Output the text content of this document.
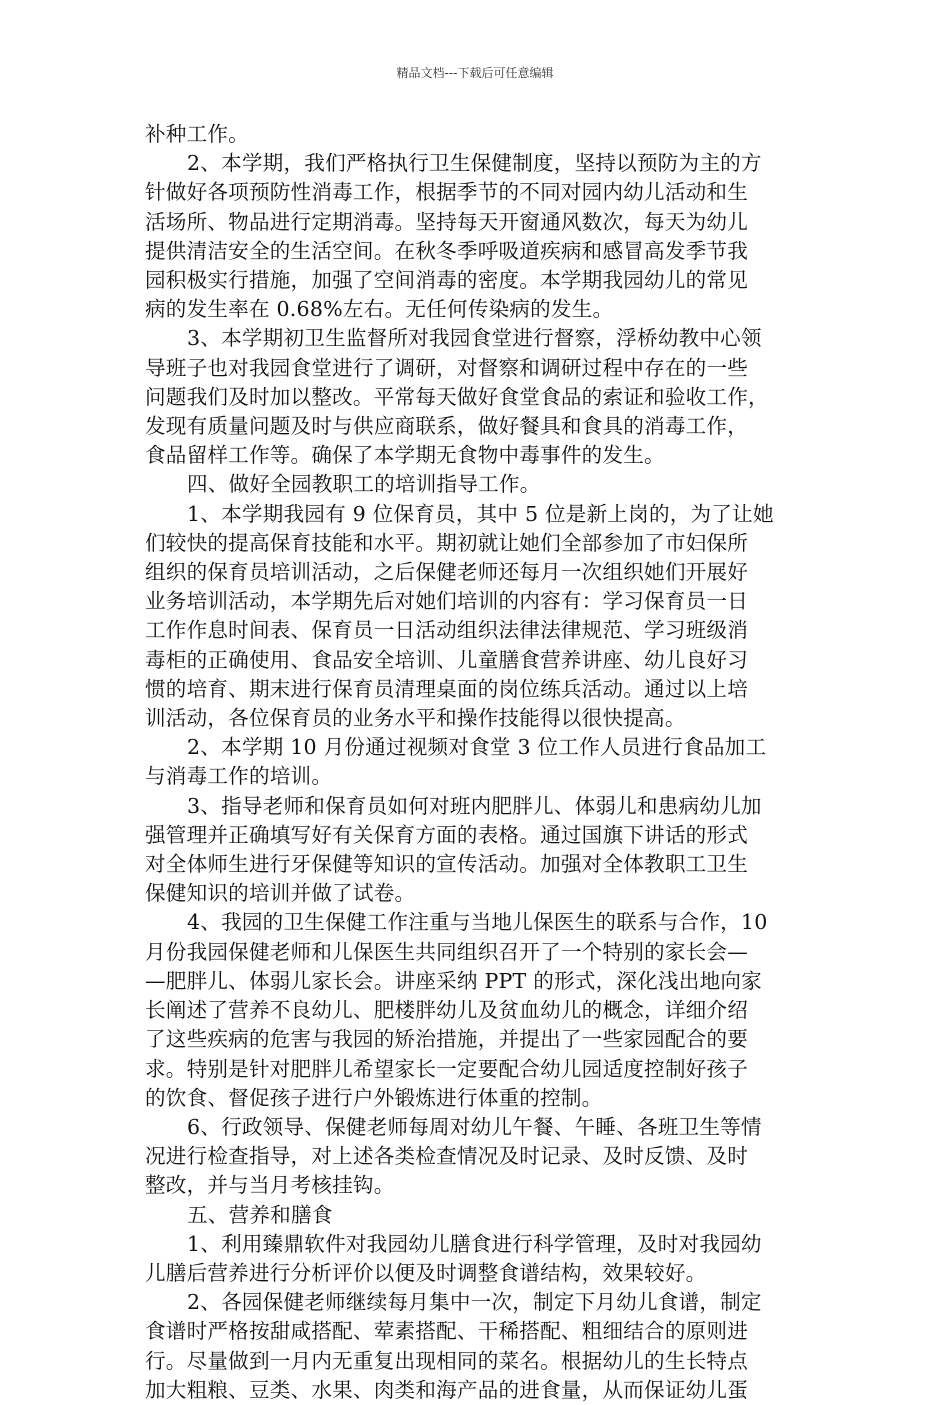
精品文档---下载后可任意编辑
补种工作。
2、本学期，我们严格执行卫生保健制度，坚持以预防为主的方
针做好各项预防性消毒工作，根据季节的不同对园内幼儿活动和生
活场所、物品进行定期消毒。坚持每天开窗通风数次，每天为幼儿
提供清洁安全的生活空间。在秋冬季呼吸道疾病和感冒高发季节我
园积极实行措施，加强了空间消毒的密度。本学期我园幼儿的常见
病的发生率在 0.68%左右。无任何传染病的发生。
3、本学期初卫生监督所对我园食堂进行督察，浮桥幼教中心领
导班子也对我园食堂进行了调研，对督察和调研过程中存在的一些
问题我们及时加以整改。平常每天做好食堂食品的索证和验收工作，
发现有质量问题及时与供应商联系，做好餐具和食具的消毒工作，
食品留样工作等。确保了本学期无食物中毒事件的发生。
四、做好全园教职工的培训指导工作。
1、本学期我园有 9 位保育员，其中 5 位是新上岗的，为了让她
们较快的提高保育技能和水平。期初就让她们全部参加了市妇保所
组织的保育员培训活动，之后保健老师还每月一次组织她们开展好
业务培训活动，本学期先后对她们培训的内容有：学习保育员一日
工作作息时间表、保育员一日活动组织法律法律规范、学习班级消
毒柜的正确使用、食品安全培训、儿童膳食营养讲座、幼儿良好习
惯的培育、期末进行保育员清理桌面的岗位练兵活动。通过以上培
训活动，各位保育员的业务水平和操作技能得以很快提高。
2、本学期 10 月份通过视频对食堂 3 位工作人员进行食品加工
与消毒工作的培训。
3、指导老师和保育员如何对班内肥胖儿、体弱儿和患病幼儿加
强管理并正确填写好有关保育方面的表格。通过国旗下讲话的形式
对全体师生进行牙保健等知识的宣传活动。加强对全体教职工卫生
保健知识的培训并做了试卷。
4、我园的卫生保健工作注重与当地儿保医生的联系与合作，10
月份我园保健老师和儿保医生共同组织召开了一个特别的家长会—
—肥胖儿、体弱儿家长会。讲座采纳 PPT 的形式，深化浅出地向家
长阐述了营养不良幼儿、肥楼胖幼儿及贫血幼儿的概念，详细介绍
了这些疾病的危害与我园的矫治措施，并提出了一些家园配合的要
求。特别是针对肥胖儿希望家长一定要配合幼儿园适度控制好孩子
的饮食、督促孩子进行户外锻炼进行体重的控制。
6、行政领导、保健老师每周对幼儿午餐、午睡、各班卫生等情
况进行检查指导，对上述各类检查情况及时记录、及时反馈、及时
整改，并与当月考核挂钩。
五、营养和膳食
1、利用臻鼎软件对我园幼儿膳食进行科学管理，及时对我园幼
儿膳后营养进行分析评价以便及时调整食谱结构，效果较好。
2、各园保健老师继续每月集中一次，制定下月幼儿食谱，制定
食谱时严格按甜咸搭配、荤素搭配、干稀搭配、粗细结合的原则进
行。尽量做到一月内无重复出现相同的菜名。根据幼儿的生长特点
加大粗粮、豆类、水果、肉类和海产品的进食量，从而保证幼儿蛋
